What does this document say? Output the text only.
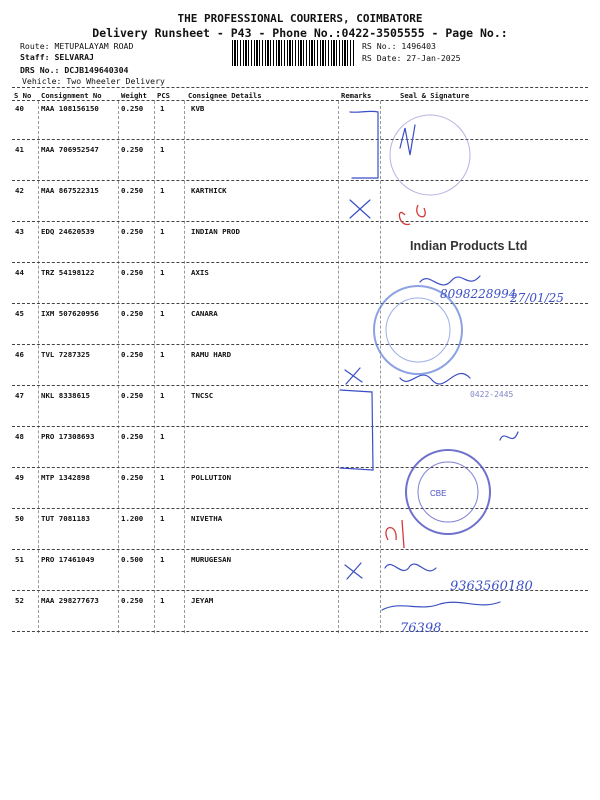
THE PROFESSIONAL COURIERS, COIMBATORE
Delivery Runsheet - P43 - Phone No.:0422-3505555 - Page No.:
Route: METUPALAYAM ROAD
Staff: SELVARAJ
DRS No.: DCJB149640304
Vehicle: Two Wheeler Delivery
RS No.: 1496403
RS Date: 27-Jan-2025
S No Consignment No	Weight PCS	Consignee Details	Remarks	Seal & Signature
40 MAA 108156150	0.250 1	KVB
41 MAA 706952547	0.250 1
42 MAA 867522315	0.250 1	KARTHICK
43 EDQ 24620539	0.250 1	INDIAN PROD
44 TRZ 54198122	0.250 1	AXIS
45 IXM 507620956	0.250 1	CANARA
46 TVL 7287325	0.250 1	RAMU HARD
47 NKL 8338615	0.250 1	TNCSC
48 PRO 17308693	0.250 1
49 MTP 1342898	0.250 1	POLLUTION
50 TUT 7081183	1.200 1	NIVETHA
51 PRO 17461049	0.500 1	MURUGESAN
52 MAA 298277673	0.250 1	JEYAM
Indian Products Ltd
8098228994
27/01/25
0422-2445
CBE
9363560180
76398
